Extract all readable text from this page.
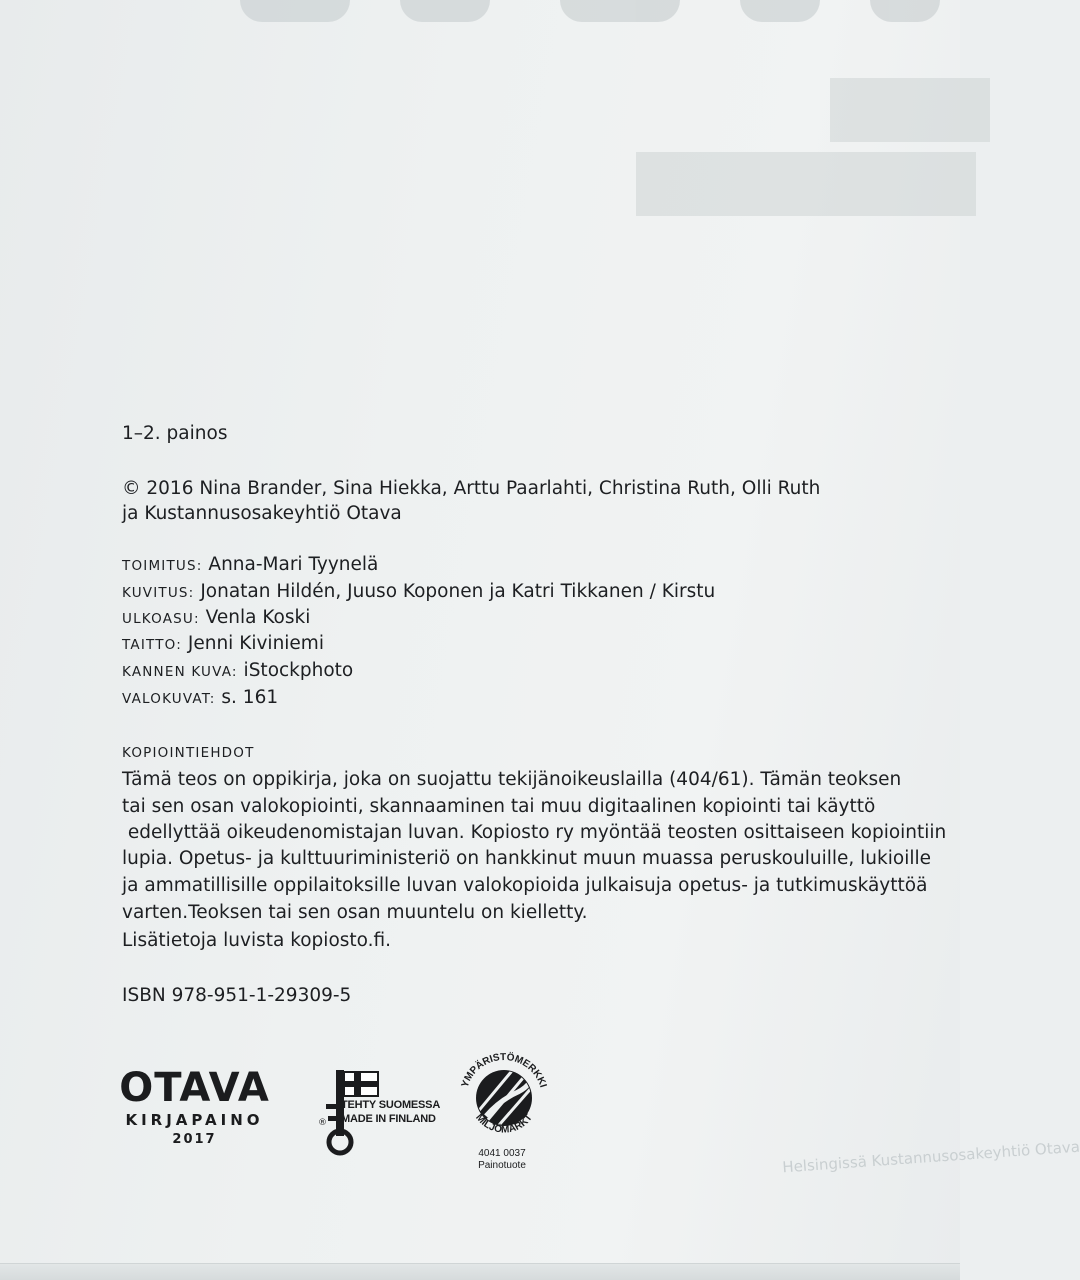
Helsingissä Kustannusosakeyhtiö Otava
1–2. painos
© 2016 Nina Brander, Sina Hiekka, Arttu Paarlahti, Christina Ruth, Olli Ruth
ja Kustannusosakeyhtiö Otava
TOIMITUS: Anna-Mari Tyynelä
KUVITUS: Jonatan Hildén, Juuso Koponen ja Katri Tikkanen / Kirstu
ULKOASU: Venla Koski
TAITTO: Jenni Kiviniemi
KANNEN KUVA: iStockphoto
VALOKUVAT: s. 161
KOPIOINTIEHDOT
Tämä teos on oppikirja, joka on suojattu tekijänoikeuslailla (404/61). Tämän teoksen
tai sen osan valokopiointi, skannaaminen tai muu digitaalinen kopiointi tai käyttö
edellyttää oikeudenomistajan luvan. Kopiosto ry myöntää teosten osittaiseen kopiointiin
lupia. Opetus- ja kulttuuriministeriö on hankkinut muun muassa peruskouluille, lukioille
ja ammatillisille oppilaitoksille luvan valokopioida julkaisuja opetus- ja tutkimuskäyttöä
varten.Teoksen tai sen osan muuntelu on kielletty.
Lisätietoja luvista kopiosto.fi.
ISBN 978-951-1-29309-5
OTAVA
KIRJAPAINO
2017
TEHTY SUOMESSA
MADE IN FINLAND
®
YMPÄRISTÖMERKKI
MILJÖMÄRKT
4041 0037
Painotuote
